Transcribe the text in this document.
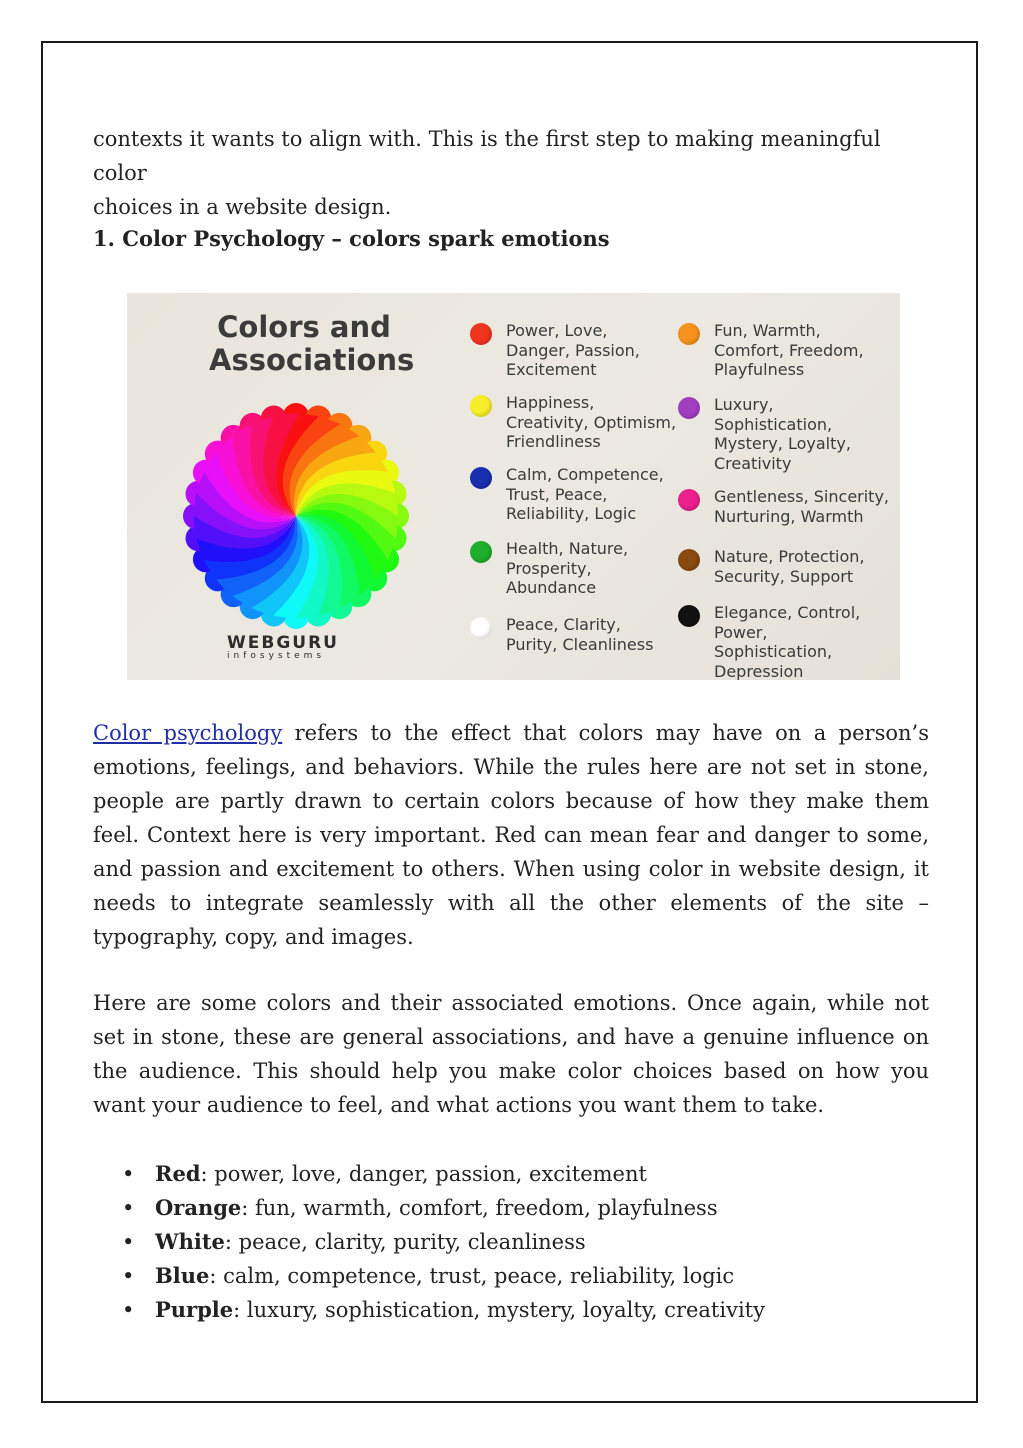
contexts it wants to align with. This is the first step to making meaningful color
choices in a website design.

1. Color Psychology – colors spark emotions
Colors and
Associations
WEBGURU
infosystems
Power, Love,
Danger, Passion,
Excitement
Happiness,
Creativity, Optimism,
Friendliness
Calm, Competence,
Trust, Peace,
Reliability, Logic
Health, Nature,
Prosperity,
Abundance
Peace, Clarity,
Purity, Cleanliness
Fun, Warmth,
Comfort, Freedom,
Playfulness
Luxury,
Sophistication,
Mystery, Loyalty,
Creativity
Gentleness, Sincerity,
Nurturing, Warmth
Nature, Protection,
Security, Support
Elegance, Control,
Power, Sophistication,
Depression

Color psychology refers to the effect that colors may have on a person’s emotions, feelings, and behaviors. While the rules here are not set in stone, people are partly drawn to certain colors because of how they make them feel. Context here is very important. Red can mean fear and danger to some, and passion and excitement to others. When using color in website design, it needs to integrate seamlessly with all the other elements of the site – typography, copy, and images.

Here are some colors and their associated emotions. Once again, while not set in stone, these are general associations, and have a genuine influence on the audience. This should help you make color choices based on how you want your audience to feel, and what actions you want them to take.

• Red: power, love, danger, passion, excitement
• Orange: fun, warmth, comfort, freedom, playfulness
• White: peace, clarity, purity, cleanliness
• Blue: calm, competence, trust, peace, reliability, logic
• Purple: luxury, sophistication, mystery, loyalty, creativity
